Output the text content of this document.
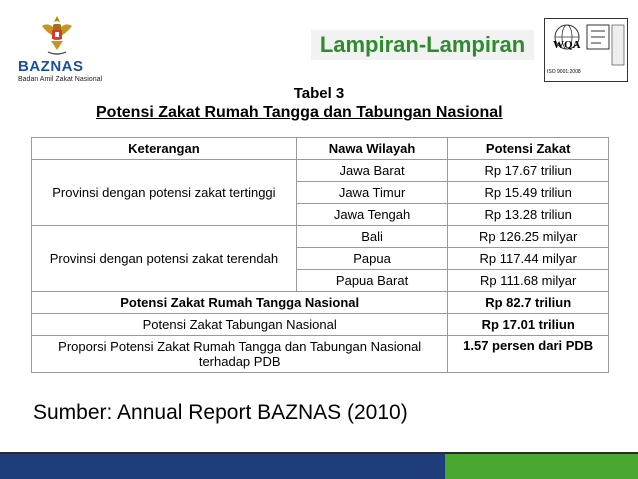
BAZNAS
Badan Amil Zakat Nasional
Lampiran-Lampiran	WQA
ISO 9001:2008
Tabel 3
Potensi Zakat Rumah Tangga dan Tabungan Nasional
Keterangan	Nawa Wilayah	Potensi Zakat
Provinsi dengan potensi zakat tertinggi	Jawa Barat	Rp 17.67 triliun
	Jawa Timur	Rp 15.49 triliun
	Jawa Tengah	Rp 13.28 triliun
Provinsi dengan potensi zakat terendah	Bali	Rp 126.25 milyar
	Papua	Rp 117.44 milyar
	Papua Barat	Rp 111.68 milyar
Potensi Zakat Rumah Tangga Nasional		Rp 82.7 triliun
Potensi Zakat Tabungan Nasional		Rp 17.01 triliun
Proporsi Potensi Zakat Rumah Tangga dan Tabungan Nasional terhadap PDB		1.57 persen dari PDB
Sumber: Annual Report BAZNAS (2010)
